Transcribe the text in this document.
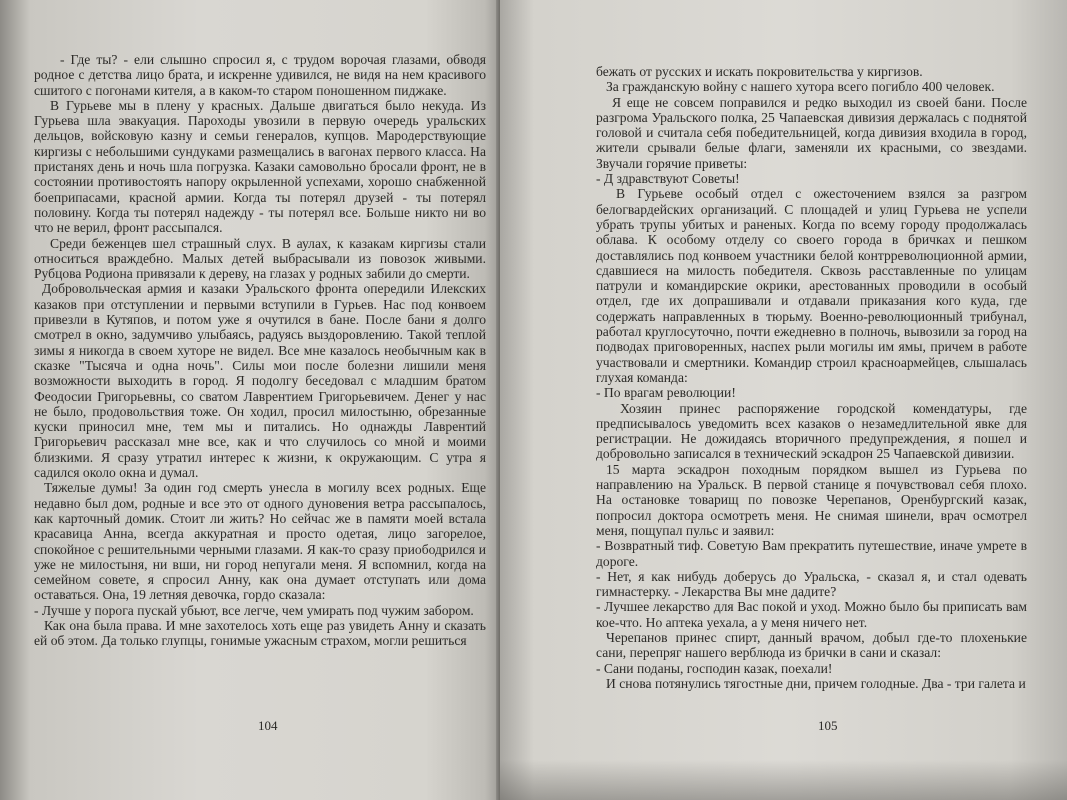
- Где ты? - ели слышно спросил я, с трудом ворочая глазами, обводя родное с детства лицо брата, и искренне удивился, не видя на нем красивого сшитого с погонами кителя, а в каком-то старом поношенном пиджаке.

В Гурьеве мы в плену у красных. Дальше двигаться было некуда. Из Гурьева шла эвакуация. Пароходы увозили в первую очередь уральских дельцов, войсковую казну и семьи генералов, купцов. Мародерствующие киргизы с небольшими сундуками размещались в вагонах первого класса. На пристанях день и ночь шла погрузка. Казаки самовольно бросали фронт, не в состоянии противостоять напору окрыленной успехами, хорошо снабженной боеприпасами, красной армии. Когда ты потерял друзей - ты потерял половину. Когда ты потерял надежду - ты потерял все. Больше никто ни во что не верил, фронт рассыпался.

Среди беженцев шел страшный слух. В аулах, к казакам киргизы стали относиться враждебно. Малых детей выбрасывали из повозок живыми. Рубцова Родиона привязали к дереву, на глазах у родных забили до смерти.

Добровольческая армия и казаки Уральского фронта опередили Илекских казаков при отступлении и первыми вступили в Гурьев. Нас под конвоем привезли в Кутяпов, и потом уже я очутился в бане. После бани я долго смотрел в окно, задумчиво улыбаясь, радуясь выздоровлению. Такой теплой зимы я никогда в своем хуторе не видел. Все мне казалось необычным как в сказке "Тысяча и одна ночь". Силы мои после болезни лишили меня возможности выходить в город. Я подолгу беседовал с младшим братом Феодосии Григорьевны, со сватом Лаврентием Григорьевичем. Денег у нас не было, продовольствия тоже. Он ходил, просил милостыню, обрезанные куски приносил мне, тем мы и питались. Но однажды Лаврентий Григорьевич рассказал мне все, как и что случилось со мной и моими близкими. Я сразу утратил интерес к жизни, к окружающим. С утра я садился около окна и думал.

Тяжелые думы! За один год смерть унесла в могилу всех родных. Еще недавно был дом, родные и все это от одного дуновения ветра рассыпалось, как карточный домик. Стоит ли жить? Но сейчас же в памяти моей встала красавица Анна, всегда аккуратная и просто одетая, лицо загорелое, спокойное с решительными черными глазами. Я как-то сразу приободрился и уже не милостыня, ни вши, ни город непугали меня. Я вспомнил, когда на семейном совете, я спросил Анну, как она думает отступать или дома оставаться. Она, 19 летняя девочка, гордо сказала:

- Лучше у порога пускай убьют, все легче, чем умирать под чужим забором.

Как она была права. И мне захотелось хоть еще раз увидеть Анну и сказать ей об этом. Да только глупцы, гонимые ужасным страхом, могли решиться

104

бежать от русских и искать покровительства у киргизов.

За гражданскую войну с нашего хутора всего погибло 400 человек.

Я еще не совсем поправился и редко выходил из своей бани. После разгрома Уральского полка, 25 Чапаевская дивизия держалась с поднятой головой и считала себя победительницей, когда дивизия входила в город, жители срывали белые флаги, заменяли их красными, со звездами. Звучали горячие приветы:

- Д здравствуют Советы!

В Гурьеве особый отдел с ожесточением взялся за разгром белогвардейских организаций. С площадей и улиц Гурьева не успели убрать трупы убитых и раненых. Когда по всему городу продолжалась облава. К особому отделу со своего города в бричках и пешком доставлялись под конвоем участники белой контрреволюционной армии, сдавшиеся на милость победителя. Сквозь расставленные по улицам патрули и командирские окрики, арестованных проводили в особый отдел, где их допрашивали и отдавали приказания кого куда, где содержать направленных в тюрьму. Военно-революционный трибунал, работал круглосуточно, почти ежедневно в полночь, вывозили за город на подводах приговоренных, наспех рыли могилы им ямы, причем в работе участвовали и смертники. Командир строил красноармейцев, слышалась глухая команда:

- По врагам революции!

Хозяин принес распоряжение городской комендатуры, где предписывалось уведомить всех казаков о незамедлительной явке для регистрации. Не дожидаясь вторичного предупреждения, я пошел и добровольно записался в технический эскадрон 25 Чапаевской дивизии.

15 марта эскадрон походным порядком вышел из Гурьева по направлению на Уральск. В первой станице я почувствовал себя плохо. На остановке товарищ по повозке Черепанов, Оренбургский казак, попросил доктора осмотреть меня. Не снимая шинели, врач осмотрел меня, пощупал пульс и заявил:

- Возвратный тиф. Советую Вам прекратить путешествие, иначе умрете в дороге.

- Нет, я как нибудь доберусь до Уральска, - сказал я, и стал одевать гимнастерку. - Лекарства Вы мне дадите?

- Лучшее лекарство для Вас покой и уход. Можно было бы приписать вам кое-что. Но аптека уехала, а у меня ничего нет.

Черепанов принес спирт, данный врачом, добыл где-то плохенькие сани, перепряг нашего верблюда из брички в сани и сказал:

- Сани поданы, господин казак, поехали!

И снова потянулись тягостные дни, причем голодные. Два - три галета и

105
